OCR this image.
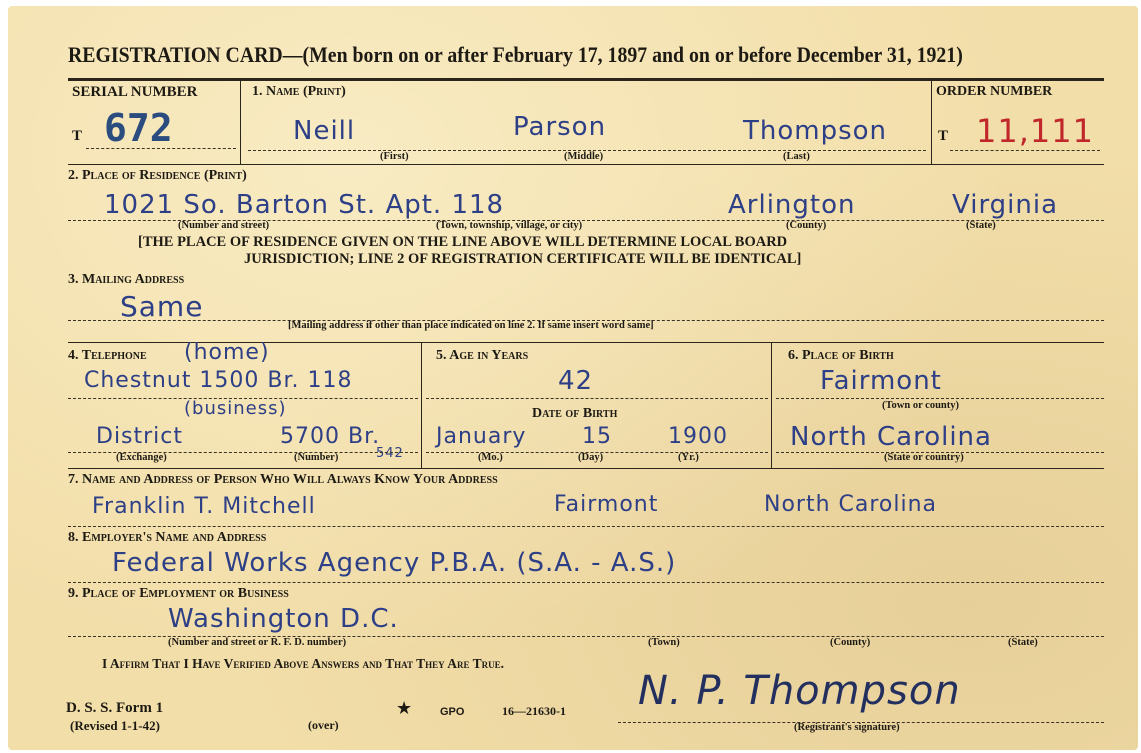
REGISTRATION CARD—(Men born on or after February 17, 1897 and on or before December 31, 1921)
SERIAL NUMBER
T 672
1. Name (Print)
Neill	Parson	Thompson
(First)	(Middle)	(Last)
ORDER NUMBER
T 11,111
2. Place of Residence (Print)
1021 So. Barton St. Apt. 118	Arlington	Virginia
(Number and street)	(Town, township, village, or city)	(County)	(State)
[THE PLACE OF RESIDENCE GIVEN ON THE LINE ABOVE WILL DETERMINE LOCAL BOARD
JURISDICTION; LINE 2 OF REGISTRATION CERTIFICATE WILL BE IDENTICAL]
3. Mailing Address
Same
[Mailing address if other than place indicated on line 2. If same insert word same]
4. Telephone (home)
Chestnut 1500 Br. 118
(business)
District	5700 Br.
542
(Exchange)	(Number)
5. Age in Years
42
Date of Birth
January	15	1900
(Mo.)	(Day)	(Yr.)
6. Place of Birth
Fairmont
(Town or county)
North Carolina
(State or country)
7. Name and Address of Person Who Will Always Know Your Address
Franklin T. Mitchell	Fairmont	North Carolina
8. Employer's Name and Address
Federal Works Agency P.B.A. (S.A. - A.S.)
9. Place of Employment or Business
Washington D.C.
(Number and street or R. F. D. number)	(Town)	(County)	(State)
I Affirm That I Have Verified Above Answers and That They Are True.
D. S. S. Form 1
(Revised 1-1-42)	(over)
★	GPO	16—21630-1 N. P. Thompson
(Registrant's signature)
